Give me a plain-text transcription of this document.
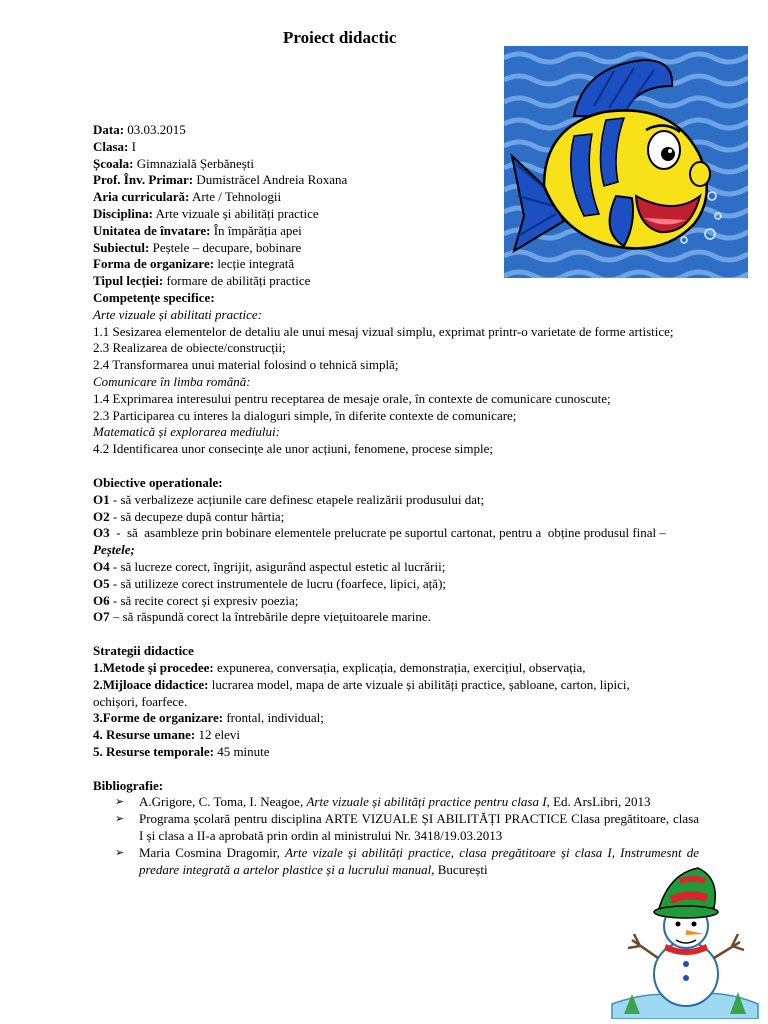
Proiect didactic
Data: 03.03.2015
Clasa: I
Școala: Gimnazială Șerbănești
Prof. Înv. Primar: Dumistrăcel Andreia Roxana
Aria curriculară: Arte / Tehnologii
Disciplina: Arte vizuale și abilități practice
Unitatea de învatare: În împărăția apei
Subiectul: Peștele – decupare, bobinare
Forma de organizare: lecție integrată
Tipul lecției: formare de abilități practice
Competențe specifice:
Arte vizuale și abilitati practice:
1.1 Sesizarea elementelor de detaliu ale unui mesaj vizual simplu, exprimat printr-o varietate de forme artistice;
2.3 Realizarea de obiecte/construcții;
2.4 Transformarea unui material folosind o tehnică simplă;
Comunicare în limba română:
1.4 Exprimarea interesului pentru receptarea de mesaje orale, în contexte de comunicare cunoscute;
2.3 Participarea cu interes la dialoguri simple, în diferite contexte de comunicare;
Matematică și explorarea mediului:
4.2 Identificarea unor consecințe ale unor acțiuni, fenomene, procese simple;
Obiective operationale:
O1 - să verbalizeze acțiunile care definesc etapele realizării produsului dat;
O2 - să decupeze după contur hârtia;
O3  -  să  asambleze prin bobinare elementele prelucrate pe suportul cartonat, pentru a  obține produsul final – Peștele;
O4 - să lucreze corect, îngrijit, asigurând aspectul estetic al lucrării;
O5 - să utilizeze corect instrumentele de lucru (foarfece, lipici, ață);
O6 - să recite corect și expresiv poezia;
O7 – să răspundă corect la întrebările depre viețuitoarele marine.
Strategii didactice
1.Metode și procedee: expunerea, conversația, explicația, demonstrația, exercițiul, observația,
2.Mijloace didactice: lucrarea model, mapa de arte vizuale și abilități practice, șabloane, carton, lipici, ochișori, foarfece.
3.Forme de organizare: frontal, individual;
4. Resurse umane: 12 elevi
5. Resurse temporale: 45 minute
Bibliografie:
➢ A.Grigore, C. Toma, I. Neagoe, Arte vizuale și abilități practice pentru clasa I, Ed. ArsLibri, 2013
➢ Programa școlară pentru disciplina ARTE VIZUALE ȘI ABILITĂȚI PRACTICE Clasa pregătitoare, clasa I și clasa a II-a aprobată prin ordin al ministrului Nr. 3418/19.03.2013
➢ Maria Cosmina Dragomir, Arte vizale și abilități practice, clasa pregătitoare și clasa I, Instrumesnt de predare integrată a artelor plastice și a lucrului manual, București
